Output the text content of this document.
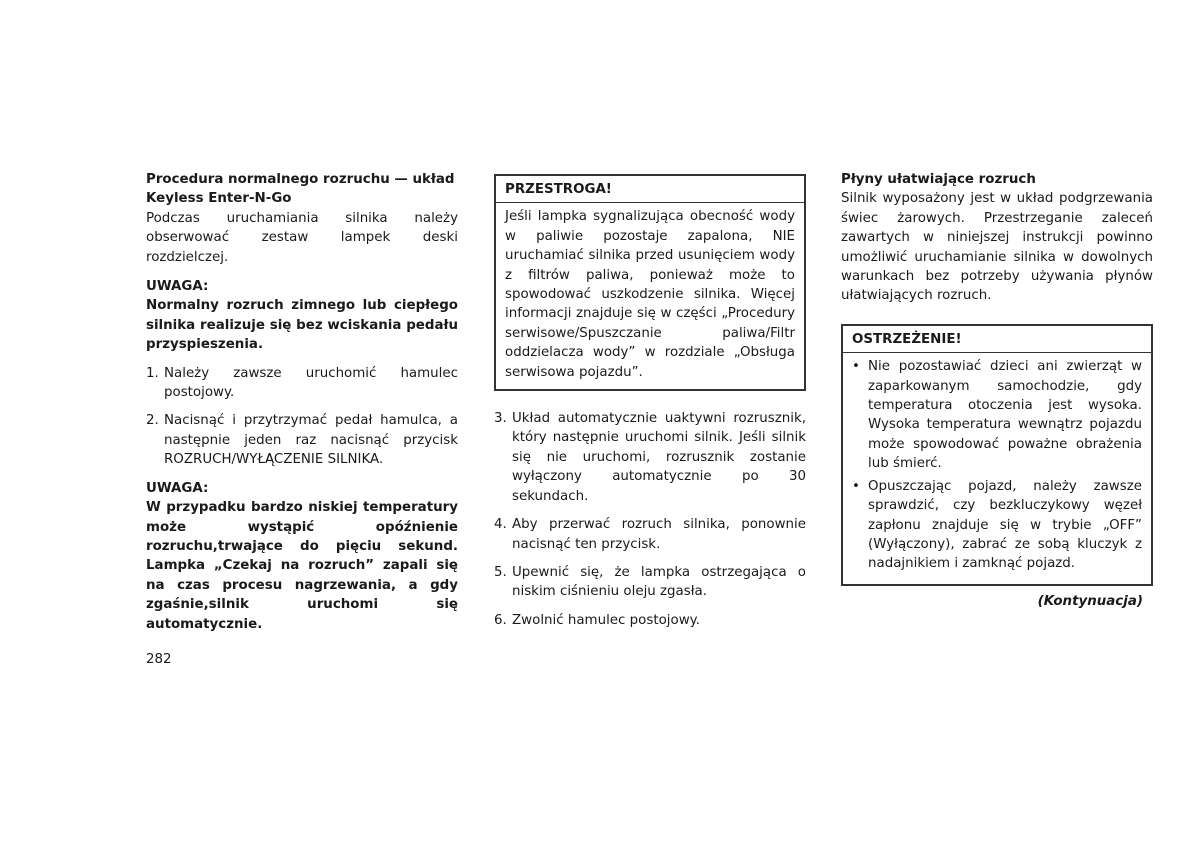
Procedura normalnego rozruchu — układ Keyless Enter-N-Go
Podczas uruchamiania silnika należy obserwować zestaw lampek deski rozdzielczej.
UWAGA:
Normalny rozruch zimnego lub ciepłego silnika realizuje się bez wciskania pedału przyspieszenia.
1. Należy zawsze uruchomić hamulec postojowy.
2. Nacisnąć i przytrzymać pedał hamulca, a następnie jeden raz nacisnąć przycisk ROZRUCH/WYŁĄCZENIE SILNIKA.
UWAGA:
W przypadku bardzo niskiej temperatury może wystąpić opóźnienie rozruchu,trwające do pięciu sekund. Lampka „Czekaj na rozruch” zapali się na czas procesu nagrzewania, a gdy zgaśnie,silnik uruchomi się automatycznie.
PRZESTROGA!
Jeśli lampka sygnalizująca obecność wody w paliwie pozostaje zapalona, NIE uruchamiać silnika przed usunięciem wody z filtrów paliwa, ponieważ może to spowodować uszkodzenie silnika. Więcej informacji znajduje się w części „Procedury serwisowe/Spuszczanie paliwa/Filtr oddzielacza wody” w rozdziale „Obsługa serwisowa pojazdu”.
3. Układ automatycznie uaktywni rozrusznik, który następnie uruchomi silnik. Jeśli silnik się nie uruchomi, rozrusznik zostanie wyłączony automatycznie po 30 sekundach.
4. Aby przerwać rozruch silnika, ponownie nacisnąć ten przycisk.
5. Upewnić się, że lampka ostrzegająca o niskim ciśnieniu oleju zgasła.
6. Zwolnić hamulec postojowy.
Płyny ułatwiające rozruch
Silnik wyposażony jest w układ podgrzewania świec żarowych. Przestrzeganie zaleceń zawartych w niniejszej instrukcji powinno umożliwić uruchamianie silnika w dowolnych warunkach bez potrzeby używania płynów ułatwiających rozruch.
OSTRZEŻENIE!
• Nie pozostawiać dzieci ani zwierząt w zaparkowanym samochodzie, gdy temperatura otoczenia jest wysoka. Wysoka temperatura wewnątrz pojazdu może spowodować poważne obrażenia lub śmierć.
• Opuszczając pojazd, należy zawsze sprawdzić, czy bezkluczykowy węzeł zapłonu znajduje się w trybie „OFF” (Wyłączony), zabrać ze sobą kluczyk z nadajnikiem i zamknąć pojazd.
(Kontynuacja)
282
